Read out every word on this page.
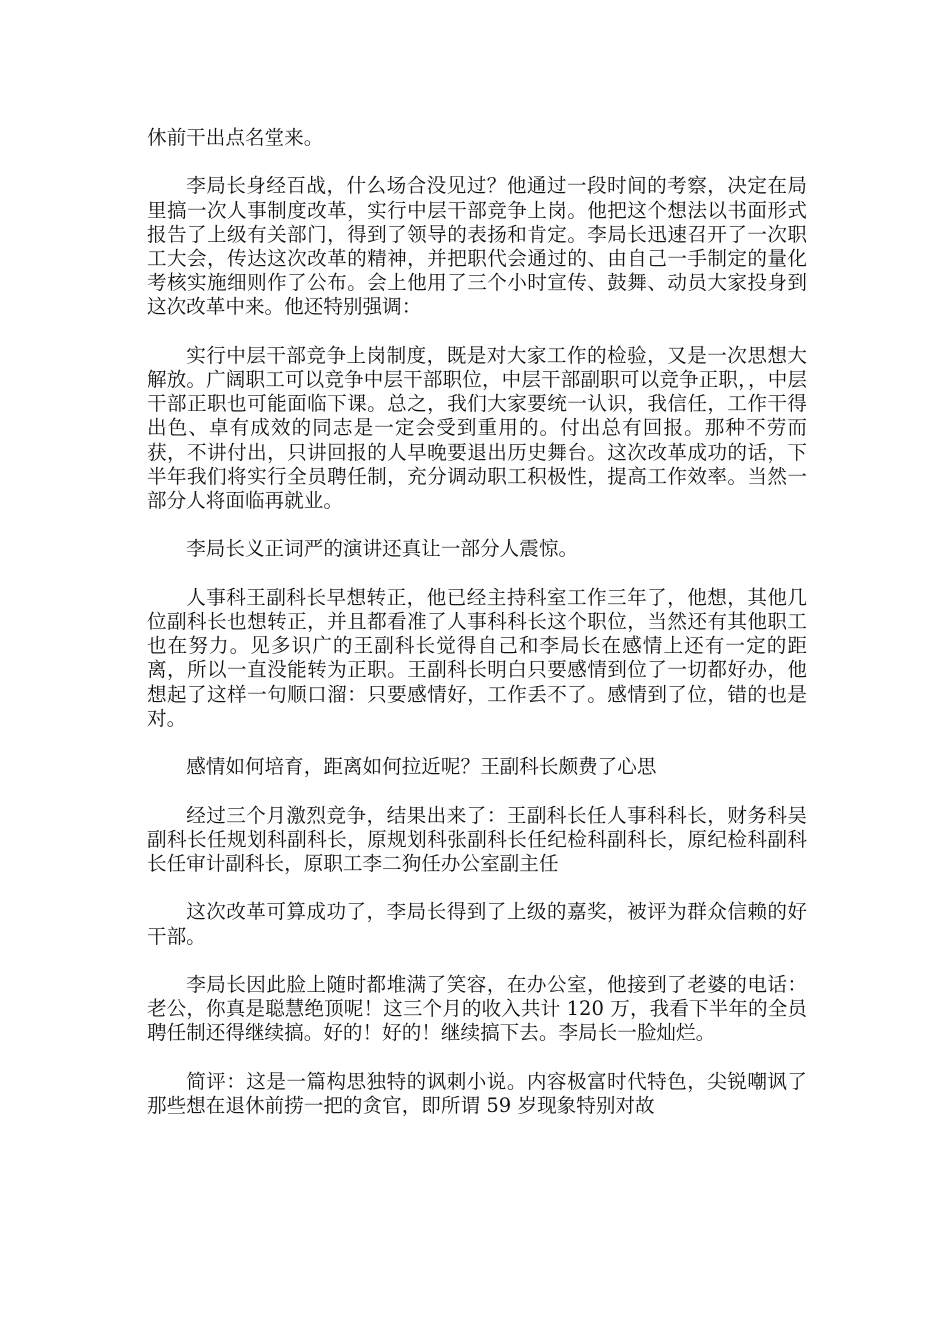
休前干出点名堂来。

李局长身经百战，什么场合没见过？他通过一段时间的考察，决定在局里搞一次人事制度改革，实行中层干部竞争上岗。他把这个想法以书面形式报告了上级有关部门，得到了领导的表扬和肯定。李局长迅速召开了一次职工大会，传达这次改革的精神，并把职代会通过的、由自己一手制定的量化考核实施细则作了公布。会上他用了三个小时宣传、鼓舞、动员大家投身到这次改革中来。他还特别强调：

实行中层干部竞争上岗制度，既是对大家工作的检验，又是一次思想大解放。广阔职工可以竞争中层干部职位，中层干部副职可以竞争正职，，中层干部正职也可能面临下课。总之，我们大家要统一认识，我信任，工作干得出色、卓有成效的同志是一定会受到重用的。付出总有回报。那种不劳而获，不讲付出，只讲回报的人早晚要退出历史舞台。这次改革成功的话，下半年我们将实行全员聘任制，充分调动职工积极性，提高工作效率。当然一部分人将面临再就业。

李局长义正词严的演讲还真让一部分人震惊。

人事科王副科长早想转正，他已经主持科室工作三年了，他想，其他几位副科长也想转正，并且都看准了人事科科长这个职位，当然还有其他职工也在努力。见多识广的王副科长觉得自己和李局长在感情上还有一定的距离，所以一直没能转为正职。王副科长明白只要感情到位了一切都好办，他想起了这样一句顺口溜：只要感情好，工作丢不了。感情到了位，错的也是对。

感情如何培育，距离如何拉近呢？王副科长颇费了心思

经过三个月激烈竞争，结果出来了：王副科长任人事科科长，财务科吴副科长任规划科副科长，原规划科张副科长任纪检科副科长，原纪检科副科长任审计副科长，原职工李二狗任办公室副主任

这次改革可算成功了，李局长得到了上级的嘉奖，被评为群众信赖的好干部。

李局长因此脸上随时都堆满了笑容，在办公室，他接到了老婆的电话：老公，你真是聪慧绝顶呢！这三个月的收入共计 120 万，我看下半年的全员聘任制还得继续搞。好的！好的！继续搞下去。李局长一脸灿烂。

简评：这是一篇构思独特的讽刺小说。内容极富时代特色，尖锐嘲讽了那些想在退休前捞一把的贪官，即所谓 59 岁现象特别对故
